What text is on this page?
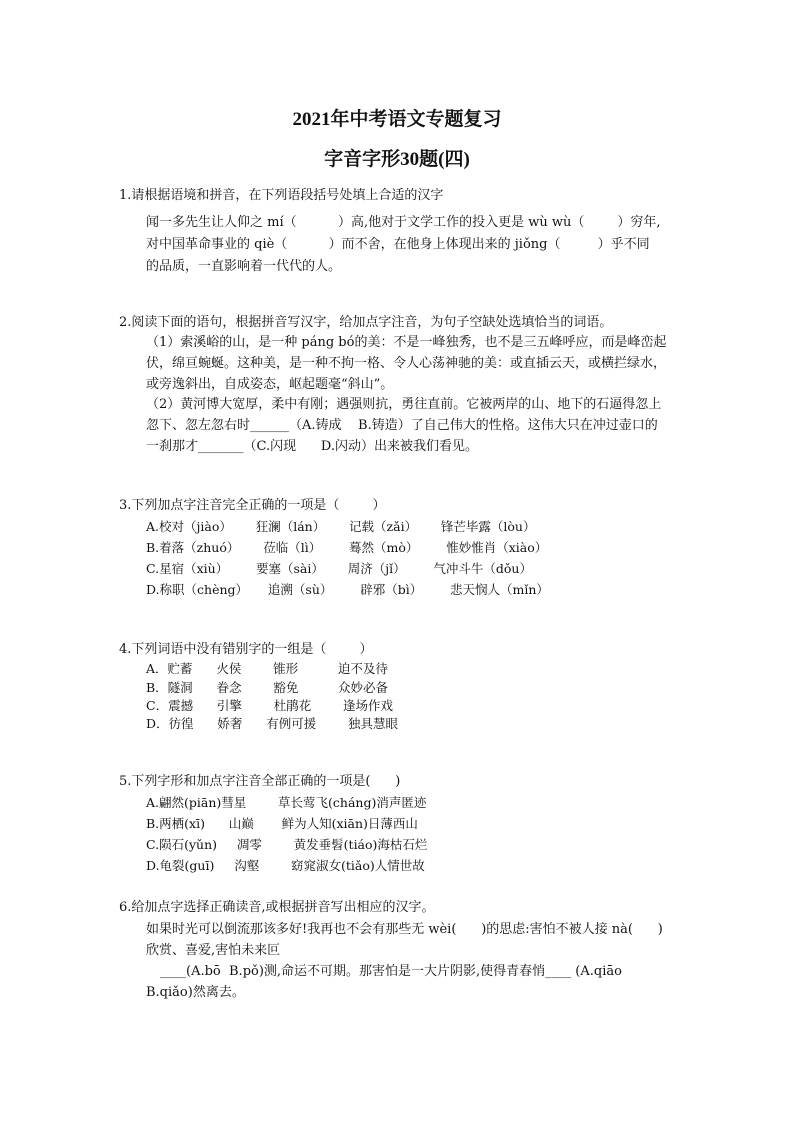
2021年中考语文专题复习
字音字形30题(四)
1.请根据语境和拼音，在下列语段括号处填上合适的汉字
闻一多先生让人仰之 mí（          ）高,他对于文学工作的投入更是 wù wù（        ）穷年,
对中国革命事业的 qiè（          ）而不舍，在他身上体现出来的 jiǒng（         ）乎不同
的品质，一直影响着一代代的人。
2.阅读下面的语句，根据拼音写汉字，给加点字注音，为句子空缺处选填恰当的词语。
（1）索溪峪的山，是一种 páng bó的美：不是一峰独秀，也不是三五峰呼应，而是峰峦起
伏，绵亘蜿蜒。这种美，是一种不拘一格、令人心荡神驰的美：或直插云天，或横拦绿水，
或旁逸斜出，自成姿态，岖起题毫“斜山”。
（2）黄河博大宽厚，柔中有刚；遇强则抗，勇往直前。它被两岸的山、地下的石逼得忽上
忽下、忽左忽右时______（A.铸成    B.铸造）了自己伟大的性格。这伟大只在冲过壶口的
一刹那才_______（C.闪现      D.闪动）出来被我们看见。
3.下列加点字注音完全正确的一项是（        ）
A.校对（jiào）      狂澜（lán）      记载（zǎi）      锋芒毕露（lòu）
B.着落（zhuó）      莅临（lì）       蓦然（mò）       惟妙惟肖（xiào）
C.星宿（xiù）       要塞（sài）      周济（jǐ）       气冲斗牛（dǒu）
D.称职（chèng）     追溯（sù）       辟邪（bì）       悲天悯人（mǐn）
4.下列词语中没有错别字的一组是（        ）
A．贮蓄      火侯        锥形          迫不及待
B．隧洞      眷念        豁免          众妙必备
C．震撼      引擎        杜鹃花        逢场作戏
D．彷徨      娇奢      有例可援        独具慧眼
5.下列字形和加点字注音全部正确的一项是(      )
A.翩然(piān)彗星        草长莺飞(cháng)消声匿迹
B.两栖(xī)      山巅       鲜为人知(xiān)日薄西山
C.陨石(yǔn)     凋零        黄发垂髫(tiáo)海枯石烂
D.龟裂(guī)     沟壑        窈窕淑女(tiǎo)人情世故
6.给加点字选择正确读音,或根据拼音写出相应的汉字。
如果时光可以倒流那该多好!我再也不会有那些无 wèi(      )的思虑:害怕不被人接 nà(      )
欣赏、喜爱,害怕未来叵
____(A.bō  B.pǒ)测,命运不可期。那害怕是一大片阴影,使得青春悄____ (A.qiāo
B.qiǎo)然离去。
